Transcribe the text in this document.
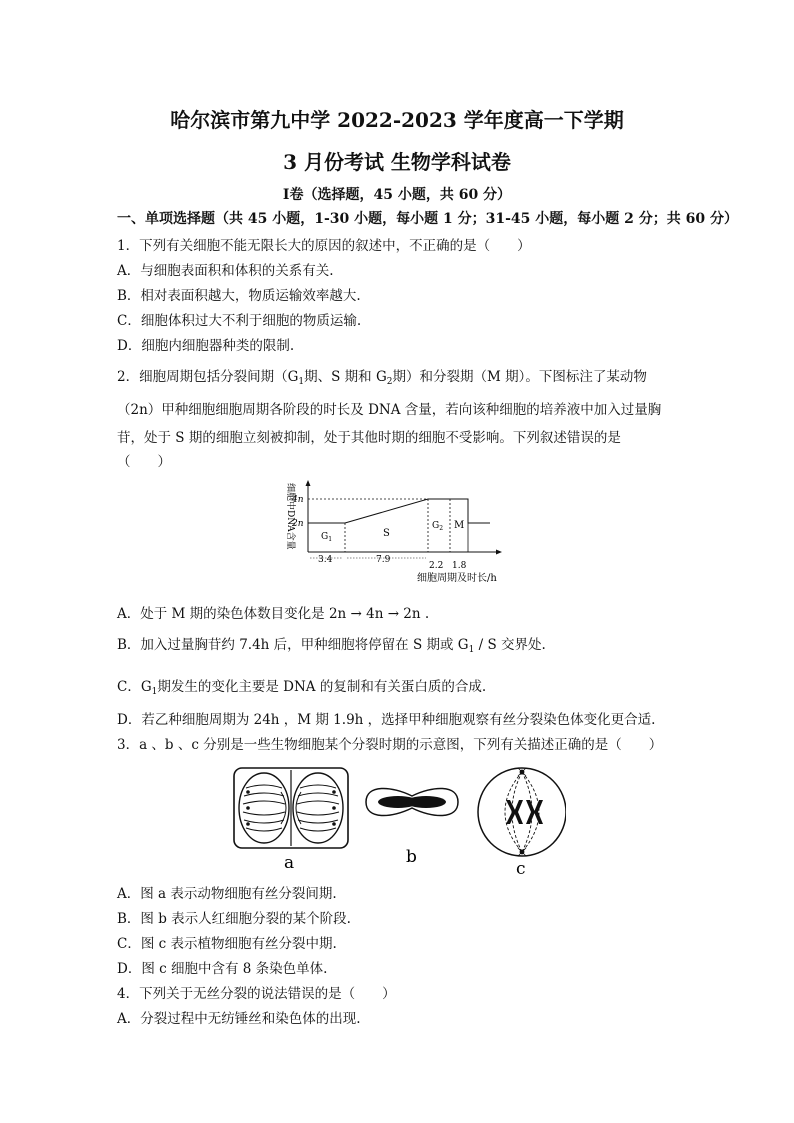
哈尔滨市第九中学 2022-2023 学年度高一下学期
3 月份考试 生物学科试卷
Ⅰ卷（选择题，45 小题，共 60 分）
一、单项选择题（共 45 小题，1-30 小题，每小题 1 分；31-45 小题，每小题 2 分；共 60 分）
1．下列有关细胞不能无限长大的原因的叙述中，不正确的是（　　）
A．与细胞表面积和体积的关系有关.
B．相对表面积越大，物质运输效率越大.
C．细胞体积过大不利于细胞的物质运输.
D．细胞内细胞器种类的限制.
2．细胞周期包括分裂间期（$G_1$期、S 期和 $G_2$期）和分裂期（M 期）。下图标注了某动物
（2n）甲种细胞细胞周期各阶段的时长及 DNA 含量，若向该种细胞的培养液中加入过量胸
苷，处于 S 期的细胞立刻被抑制，处于其他时期的细胞不受影响。下列叙述错误的是
（　　）
细胞中DNA含量
4n
2n
$G_1$
S
$G_2$ M
3.4	7.9
2.2 1.8
细胞周期及时长/h
A．处于 M 期的染色体数目变化是 2n → 4n → 2n .
B．加入过量胸苷约 7.4h 后，甲种细胞将停留在 S 期或 $G_1$ / S 交界处.
C．$G_1$期发生的变化主要是 DNA 的复制和有关蛋白质的合成.
D．若乙种细胞周期为 24h ，M 期 1.9h ，选择甲种细胞观察有丝分裂染色体变化更合适.
3．a 、b 、c 分别是一些生物细胞某个分裂时期的示意图，下列有关描述正确的是（　　）
a	b
c
A．图 a 表示动物细胞有丝分裂间期.
B．图 b 表示人红细胞分裂的某个阶段.
C．图 c 表示植物细胞有丝分裂中期.
D．图 c 细胞中含有 8 条染色单体.
4．下列关于无丝分裂的说法错误的是（　　）
A．分裂过程中无纺锤丝和染色体的出现.
